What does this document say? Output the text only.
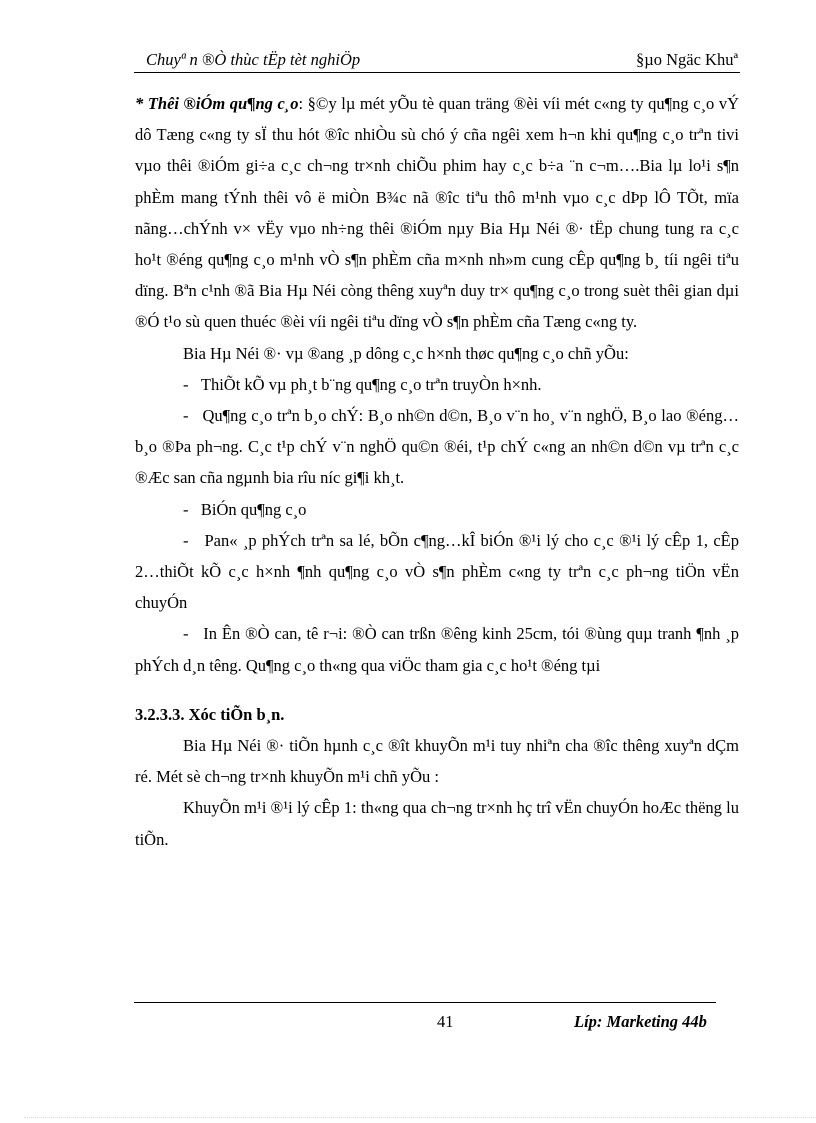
Chuyª n ®Ò thùc tËp tèt nghiÖp	§µo Ngäc Khuª

* Thêi ®iÓm qu¶ng c¸o: §©y lµ mét yÕu tè quan träng ®èi víi mét c«ng ty qu¶ng c¸o vÝ dô Tæng c«ng ty sÏ thu hót ®îc nhiÒu sù chó ý cña ngêi xem h¬n khi qu¶ng c¸o trªn tivi vµo thêi ®iÓm gi÷a c¸c ch¬ng tr×nh chiÕu phim hay c¸c b÷a ¨n c¬m….Bia lµ lo¹i s¶n phÈm mang tÝnh thêi vô ë miÒn B¾c nã ®îc tiªu thô m¹nh vµo c¸c dÞp lÔ TÕt, mïa nãng…chÝnh v× vËy vµo nh÷ng thêi ®iÓm nµy Bia Hµ Néi ®· tËp chung tung ra c¸c ho¹t ®éng qu¶ng c¸o m¹nh vÒ s¶n phÈm cña m×nh nh»m cung cÊp qu¶ng b¸ tíi ngêi tiªu dïng. Bªn c¹nh ®ã Bia Hµ Néi còng thêng xuyªn duy tr× qu¶ng c¸o trong suèt thêi gian dµi ®Ó t¹o sù quen thuéc ®èi víi ngêi tiªu dïng vÒ s¶n phÈm cña Tæng c«ng ty.

Bia Hµ Néi ®· vµ ®ang ¸p dông c¸c h×nh thøc qu¶ng c¸o chñ yÕu:

-   ThiÕt kÕ vµ ph¸t b¨ng qu¶ng c¸o trªn truyÒn h×nh.

-   Qu¶ng c¸o trªn b¸o chÝ: B¸o nh©n d©n, B¸o v¨n ho¸ v¨n nghÖ, B¸o lao ®éng…b¸o ®Þa ph¬ng. C¸c t¹p chÝ v¨n nghÖ qu©n ®éi, t¹p chÝ c«ng an nh©n d©n vµ trªn c¸c ®Æc san cña ngµnh bia rîu níc gi¶i kh¸t.

-   BiÓn qu¶ng c¸o

-   Pan« ¸p phÝch trªn sa lé, bÕn c¶ng…kÎ biÓn ®¹i lý cho c¸c ®¹i lý cÊp 1, cÊp 2…thiÕt kÕ c¸c h×nh ¶nh qu¶ng c¸o vÒ s¶n phÈm c«ng ty trªn c¸c ph¬ng tiÖn vËn chuyÓn

-   In Ên ®Ò can, tê r¬i: ®Ò can trßn ®êng kinh 25cm, tói ®ùng quµ tranh ¶nh ¸p phÝch d¸n têng. Qu¶ng c¸o th«ng qua viÖc tham gia c¸c ho¹t ®éng tµi

3.2.3.3. Xóc tiÕn b¸n.

Bia Hµ Néi ®· tiÕn hµnh c¸c ®ît khuyÕn m¹i tuy nhiªn cha ®îc thêng xuyªn dÇm ré. Mét sè ch¬ng tr×nh khuyÕn m¹i chñ yÕu :

KhuyÕn m¹i ®¹i lý cÊp 1: th«ng qua ch¬ng tr×nh hç trî vËn chuyÓn hoÆc thëng lu tiÕn.

41	Líp: Marketing 44b
